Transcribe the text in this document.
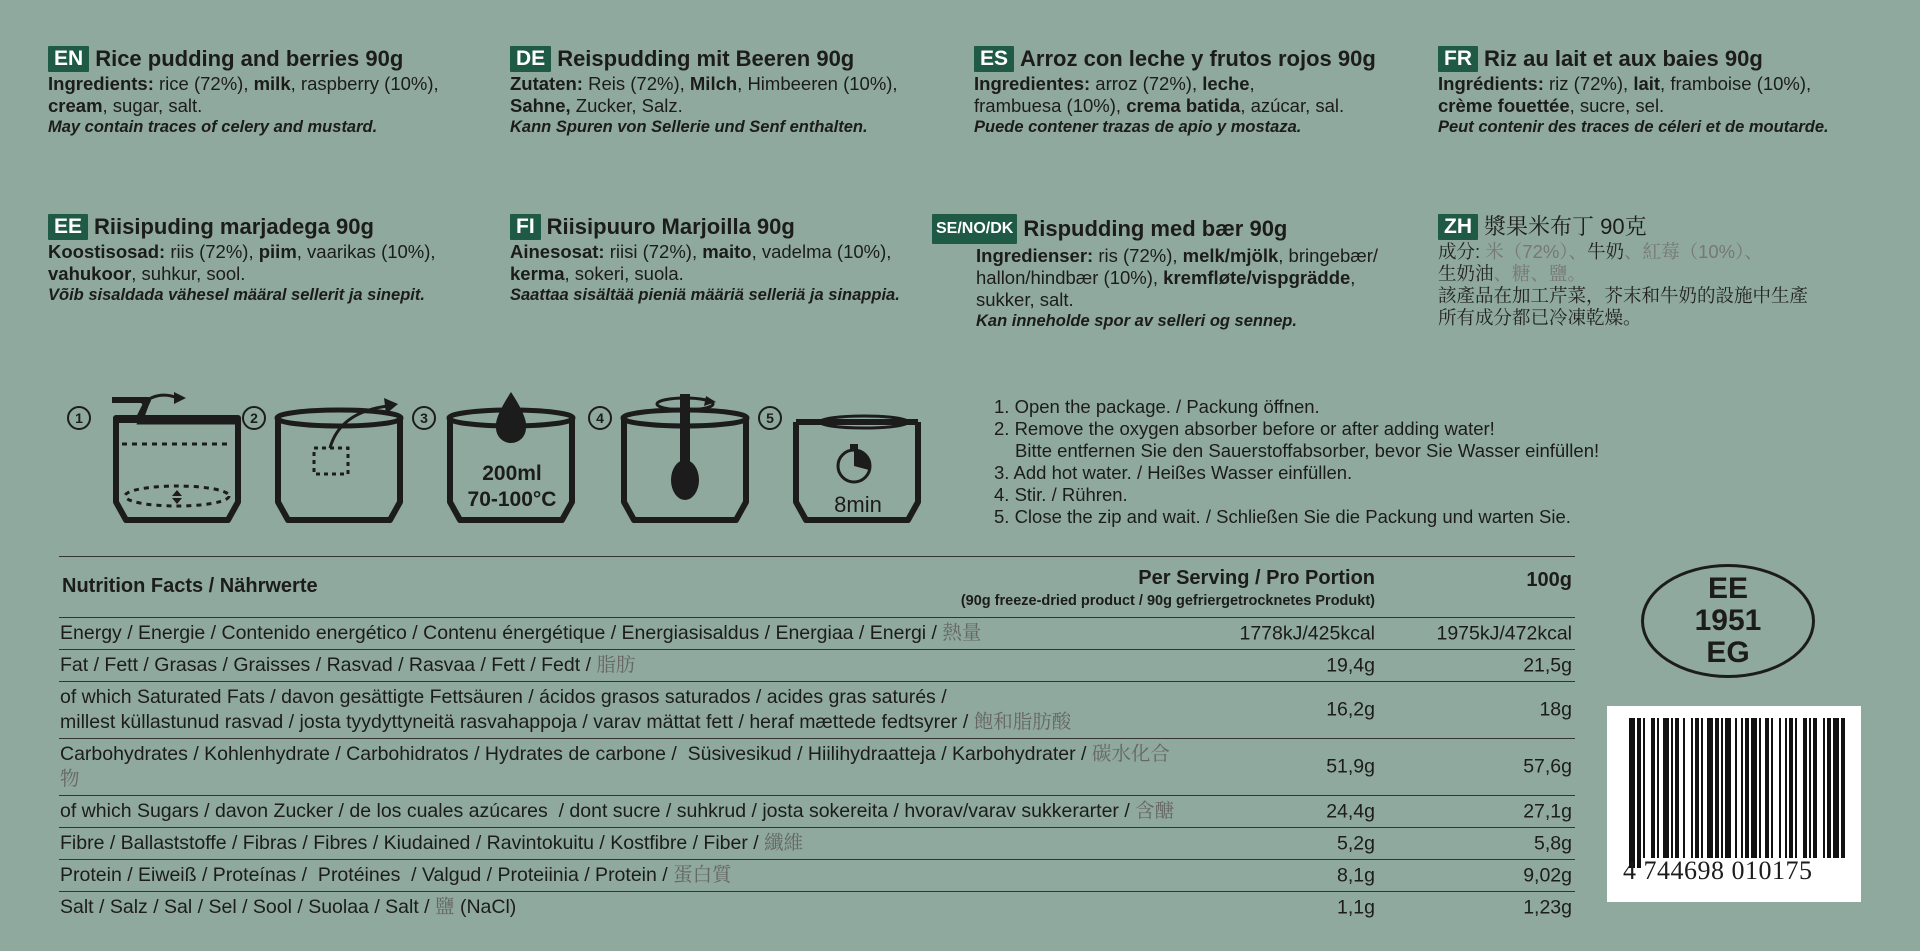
EN Rice pudding and berries 90g
Ingredients: rice (72%), milk, raspberry (10%),
cream, sugar, salt.
May contain traces of celery and mustard.
DE Reispudding mit Beeren 90g
Zutaten: Reis (72%), Milch, Himbeeren (10%),
Sahne, Zucker, Salz.
Kann Spuren von Sellerie und Senf enthalten.
ES Arroz con leche y frutos rojos 90g
Ingredientes: arroz (72%), leche,
frambuesa (10%), crema batida, azúcar, sal.
Puede contener trazas de apio y mostaza.
FR Riz au lait et aux baies 90g
Ingrédients: riz (72%), lait, framboise (10%),
crème fouettée, sucre, sel.
Peut contenir des traces de céleri et de moutarde.
EE Riisipuding marjadega 90g
Koostisosad: riis (72%), piim, vaarikas (10%),
vahukoor, suhkur, sool.
Võib sisaldada vähesel määral sellerit ja sinepit.
FI Riisipuuro Marjoilla 90g
Ainesosat: riisi (72%), maito, vadelma (10%),
kerma, sokeri, suola.
Saattaa sisältää pieniä määriä selleriä ja sinappia.
SE/NO/DK Rispudding med bær 90g
Ingredienser: ris (72%), melk/mjölk, bringebær/
hallon/hindbær (10%), kremfløte/vispgrädde,
sukker, salt.
Kan inneholde spor av selleri og sennep.
ZH 漿果米布丁 90克
成分: 米（72%）、牛奶、紅莓（10%）、
生奶油、糖、鹽。
該產品在加工芹菜，芥末和牛奶的設施中生產
所有成分都已冷凍乾燥。
1	2	3
200ml
70-100°C
4	5
8min
1. Open the package. / Packung öffnen.
2. Remove the oxygen absorber before or after adding water!
Bitte entfernen Sie den Sauerstoffabsorber, bevor Sie Wasser einfüllen!
3. Add hot water. / Heißes Wasser einfüllen.
4. Stir. / Rühren.
5. Close the zip and wait. / Schließen Sie die Packung und warten Sie.
Nutrition Facts / Nährwerte	Per Serving / Pro Portion
(90g freeze-dried product / 90g gefriergetrocknetes Produkt)
100g
Energy / Energie / Contenido energético / Contenu énergétique / Energiasisaldus / Energiaa / Energi / 熱量	1778kJ/425kcal	1975kJ/472kcal
Fat / Fett / Grasas / Graisses / Rasvad / Rasvaa / Fett / Fedt / 脂肪	19,4g	21,5g
of which Saturated Fats / davon gesättigte Fettsäuren / ácidos grasos saturados / acides gras saturés /
millest küllastunud rasvad / josta tyydyttyneitä rasvahappoja / varav mättat fett / heraf mættede fedtsyrer / 飽和脂肪酸
16,2g	18g
Carbohydrates / Kohlenhydrate / Carbohidratos / Hydrates de carbone /  Süsivesikud / Hiilihydraatteja / Karbohydrater / 碳水化合物
51,9g	57,6g
of which Sugars / davon Zucker / de los cuales azúcares  / dont sucre / suhkrud / josta sokereita / hvorav/varav sukkerarter / 含醣	24,4g	27,1g
Fibre / Ballaststoffe / Fibras / Fibres / Kiudained / Ravintokuitu / Kostfibre / Fiber / 纖維	5,2g	5,8g
Protein / Eiweiß / Proteínas /  Protéines  / Valgud / Proteiinia / Protein / 蛋白質	8,1g	9,02g
Salt / Salz / Sal / Sel / Sool / Suolaa / Salt / 鹽 (NaCl)	1,1g	1,23g
EE
1951
EG
4 744698 010175
